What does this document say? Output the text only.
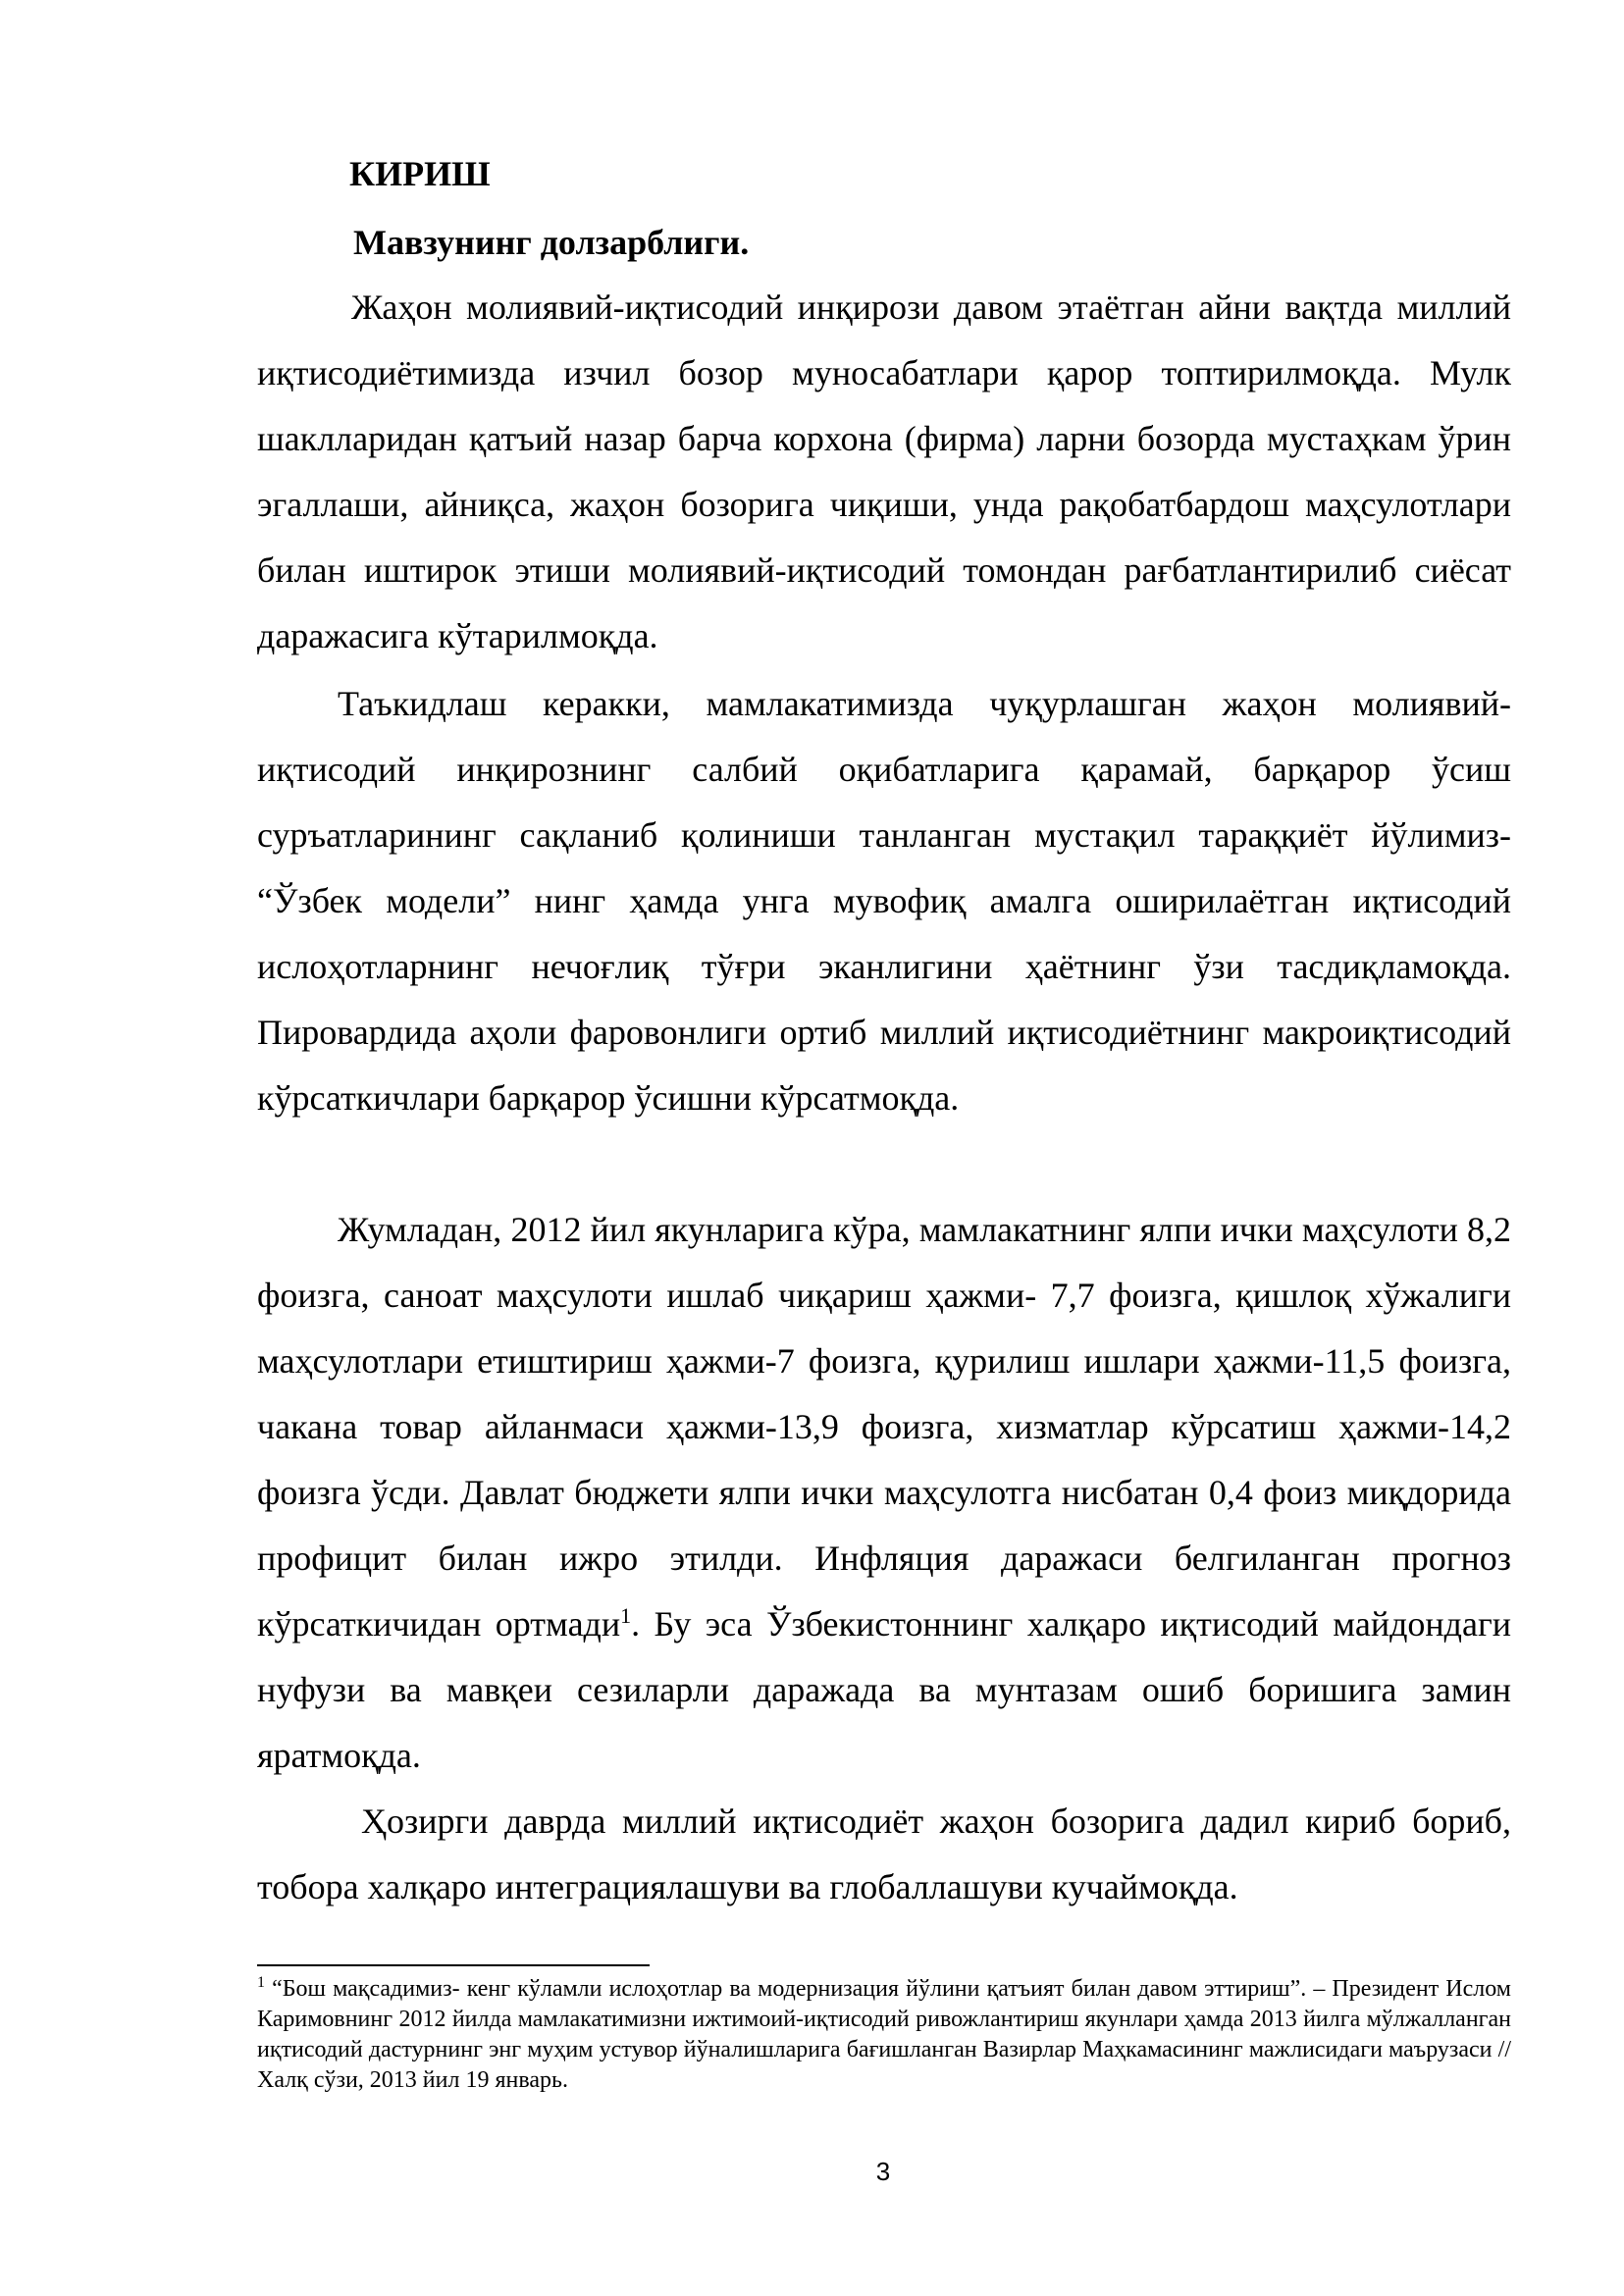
КИРИШ
Мавзунинг долзарблиги.

Жаҳон молиявий-иқтисодий инқирози давом этаётган айни вақтда миллий иқтисодиётимизда изчил бозор муносабатлари қарор топтирилмоқда. Мулк шаклларидан қатъий назар барча корхона (фирма) ларни бозорда мустаҳкам ўрин эгаллаши, айниқса, жаҳон бозорига чиқиши, унда рақобатбардош маҳсулотлари билан иштирок этиши молиявий-иқтисодий томондан рағбатлантирилиб сиёсат даражасига кўтарилмоқда.

Таъкидлаш керакки, мамлакатимизда чуқурлашган жаҳон молиявий-иқтисодий инқирознинг салбий оқибатларига қарамай, барқарор ўсиш суръатларининг сақланиб қолиниши танланган мустақил тараққиёт йўлимиз- “Ўзбек модели” нинг ҳамда унга мувофиқ амалга оширилаётган иқтисодий ислоҳотларнинг нечоғлиқ тўғри эканлигини ҳаётнинг ўзи тасдиқламоқда. Пировардида аҳоли фаровонлиги ортиб миллий иқтисодиётнинг макроиқтисодий кўрсаткичлари барқарор ўсишни кўрсатмоқда.

Жумладан, 2012 йил якунларига кўра, мамлакатнинг ялпи ички маҳсулоти 8,2 фоизга, саноат маҳсулоти ишлаб чиқариш ҳажми- 7,7 фоизга, қишлоқ хўжалиги маҳсулотлари етиштириш ҳажми-7 фоизга, қурилиш ишлари ҳажми-11,5 фоизга, чакана товар айланмаси ҳажми-13,9 фоизга, хизматлар кўрсатиш ҳажми-14,2 фоизга ўсди. Давлат бюджети ялпи ички маҳсулотга нисбатан 0,4 фоиз миқдорида профицит билан ижро этилди. Инфляция даражаси белгиланган прогноз кўрсаткичидан ортмади$^1$. Бу эса Ўзбекистоннинг халқаро иқтисодий майдондаги нуфузи ва мавқеи сезиларли даражада ва мунтазам ошиб боришига замин яратмоқда.

Ҳозирги даврда миллий иқтисодиёт жаҳон бозорига дадил кириб бориб, тобора халқаро интеграциялашуви ва глобаллашуви кучаймоқда.

$^1$ “Бош мақсадимиз- кенг кўламли ислоҳотлар ва модернизация йўлини қатъият билан давом эттириш”. – Президент Ислом Каримовнинг 2012 йилда мамлакатимизни ижтимоий-иқтисодий ривожлантириш якунлари ҳамда 2013 йилга мўлжалланган иқтисодий дастурнинг энг муҳим устувор йўналишларига бағишланган Вазирлар Маҳкамасининг мажлисидаги маърузаси // Халқ сўзи, 2013 йил 19 январь.

3
